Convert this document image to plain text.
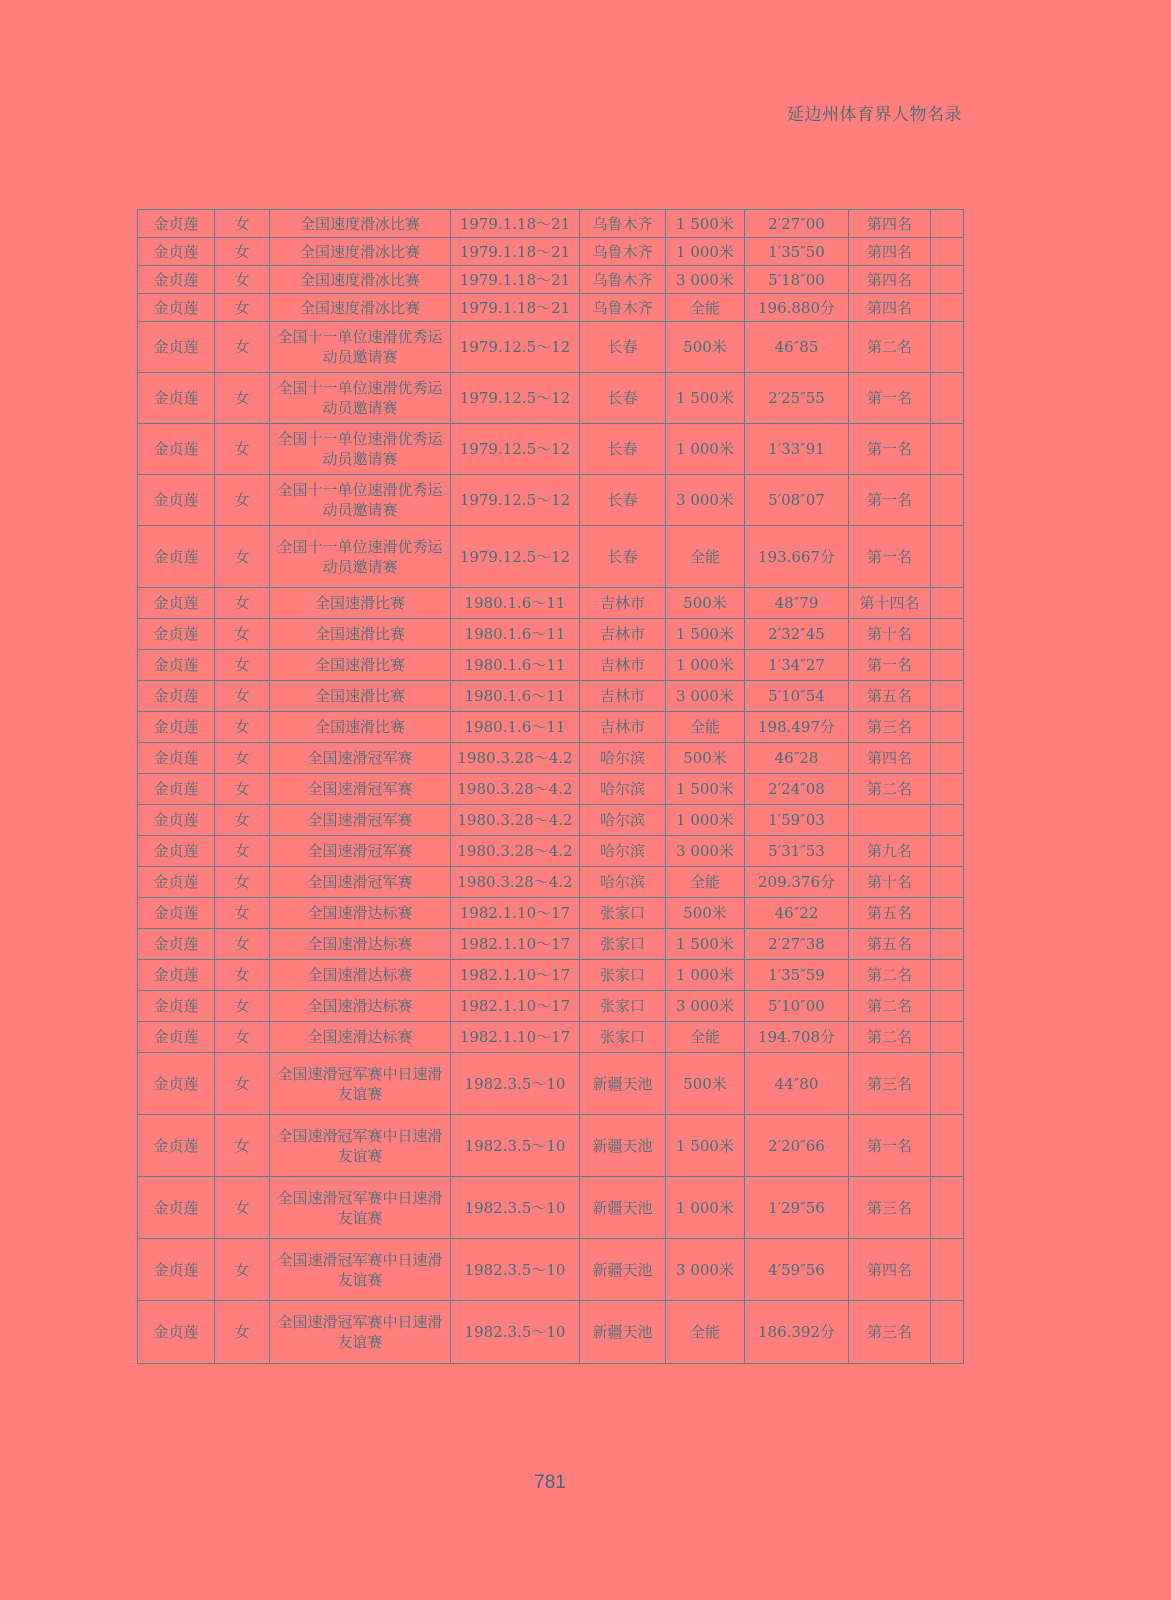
延边州体育界人物名录
金贞莲	女	全国速度滑冰比赛	1979.1.18～21	乌鲁木齐	1 500米	2′27″00	第四名	
金贞莲	女	全国速度滑冰比赛	1979.1.18～21	乌鲁木齐	1 000米	1′35″50	第四名	
金贞莲	女	全国速度滑冰比赛	1979.1.18～21	乌鲁木齐	3 000米	5′18″00	第四名	
金贞莲	女	全国速度滑冰比赛	1979.1.18～21	乌鲁木齐	全能	196.880分	第四名	
金贞莲	女	全国十一单位速滑优秀运动员邀请赛	1979.12.5～12	长春	500米	46″85	第二名	
金贞莲	女	全国十一单位速滑优秀运动员邀请赛	1979.12.5～12	长春	1 500米	2′25″55	第一名	
金贞莲	女	全国十一单位速滑优秀运动员邀请赛	1979.12.5～12	长春	1 000米	1′33″91	第一名	
金贞莲	女	全国十一单位速滑优秀运动员邀请赛	1979.12.5～12	长春	3 000米	5′08″07	第一名	
金贞莲	女	全国十一单位速滑优秀运动员邀请赛	1979.12.5～12	长春	全能	193.667分	第一名	
金贞莲	女	全国速滑比赛	1980.1.6～11	吉林市	500米	48″79	第十四名	
金贞莲	女	全国速滑比赛	1980.1.6～11	吉林市	1 500米	2′32″45	第十名	
金贞莲	女	全国速滑比赛	1980.1.6～11	吉林市	1 000米	1′34″27	第一名	
金贞莲	女	全国速滑比赛	1980.1.6～11	吉林市	3 000米	5′10″54	第五名	
金贞莲	女	全国速滑比赛	1980.1.6～11	吉林市	全能	198.497分	第三名	
金贞莲	女	全国速滑冠军赛	1980.3.28～4.2	哈尔滨	500米	46″28	第四名	
金贞莲	女	全国速滑冠军赛	1980.3.28～4.2	哈尔滨	1 500米	2′24″08	第二名	
金贞莲	女	全国速滑冠军赛	1980.3.28～4.2	哈尔滨	1 000米	1′59″03		
金贞莲	女	全国速滑冠军赛	1980.3.28～4.2	哈尔滨	3 000米	5′31″53	第九名	
金贞莲	女	全国速滑冠军赛	1980.3.28～4.2	哈尔滨	全能	209.376分	第十名	
金贞莲	女	全国速滑达标赛	1982.1.10～17	张家口	500米	46″22	第五名	
金贞莲	女	全国速滑达标赛	1982.1.10～17	张家口	1 500米	2′27″38	第五名	
金贞莲	女	全国速滑达标赛	1982.1.10～17	张家口	1 000米	1′35″59	第二名	
金贞莲	女	全国速滑达标赛	1982.1.10～17	张家口	3 000米	5′10″00	第二名	
金贞莲	女	全国速滑达标赛	1982.1.10～17	张家口	全能	194.708分	第二名	
金贞莲	女	全国速滑冠军赛中日速滑友谊赛	1982.3.5～10	新疆天池	500米	44″80	第三名	
金贞莲	女	全国速滑冠军赛中日速滑友谊赛	1982.3.5～10	新疆天池	1 500米	2′20″66	第一名	
金贞莲	女	全国速滑冠军赛中日速滑友谊赛	1982.3.5～10	新疆天池	1 000米	1′29″56	第三名	
金贞莲	女	全国速滑冠军赛中日速滑友谊赛	1982.3.5～10	新疆天池	3 000米	4′59″56	第四名	
金贞莲	女	全国速滑冠军赛中日速滑友谊赛	1982.3.5～10	新疆天池	全能	186.392分	第三名	
781
